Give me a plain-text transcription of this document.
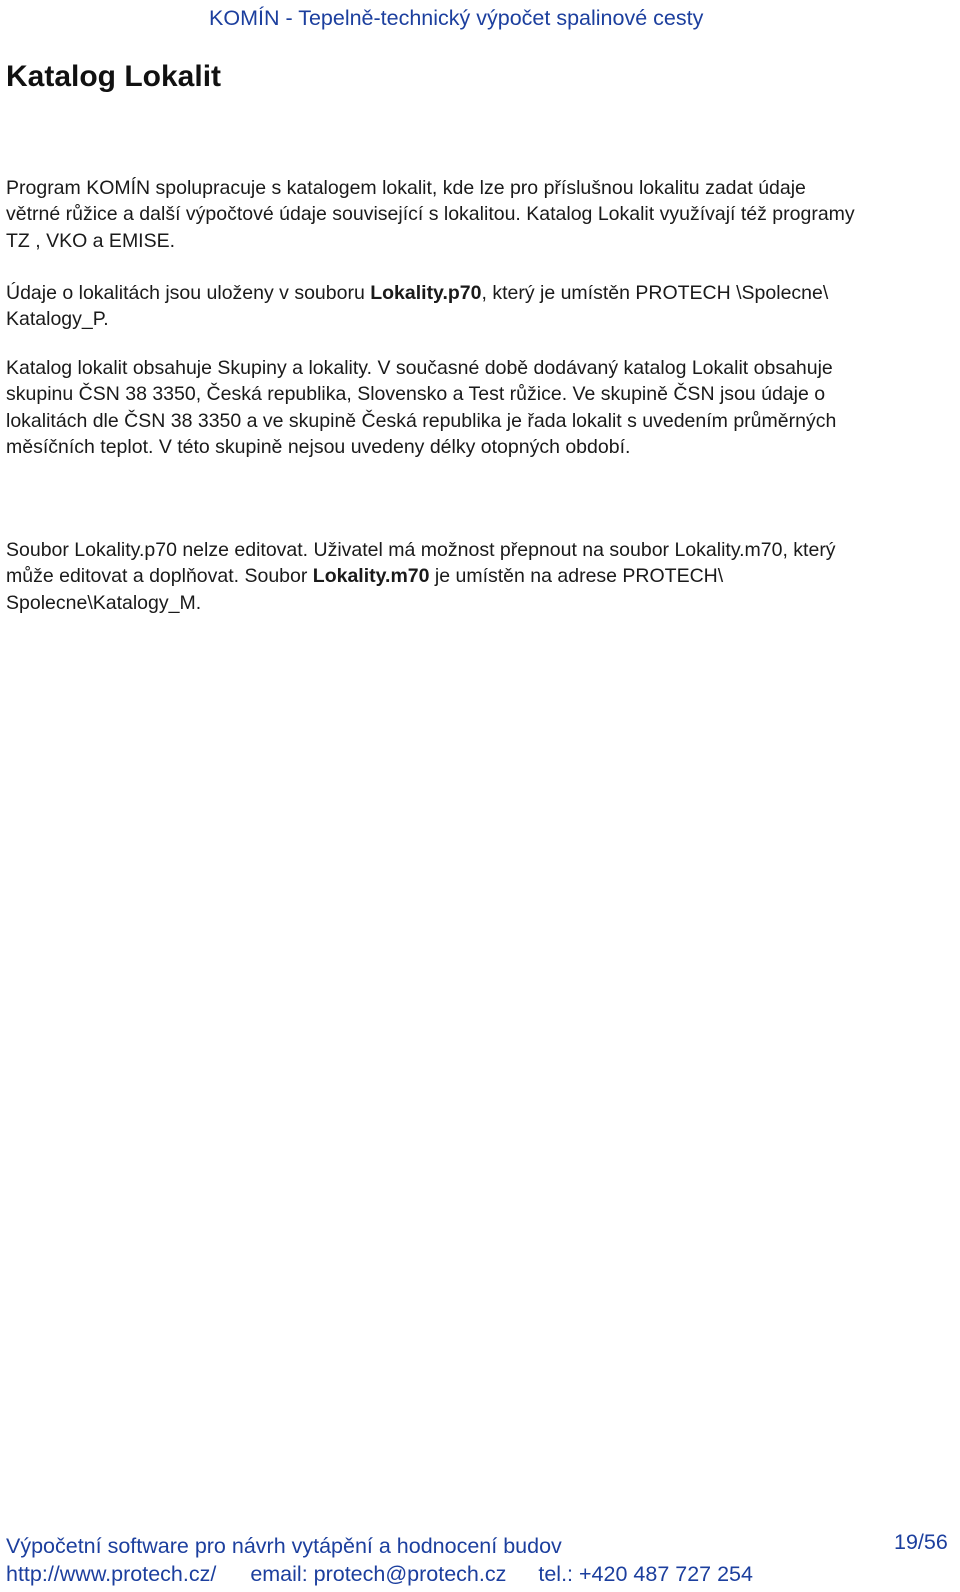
KOMÍN - Tepelně-technický výpočet spalinové cesty
Katalog Lokalit

Program KOMÍN spolupracuje s katalogem lokalit, kde lze pro příslušnou lokalitu zadat údaje
větrné růžice a další výpočtové údaje související s lokalitou. Katalog Lokalit využívají též programy
TZ , VKO a EMISE.

Údaje o lokalitách jsou uloženy v souboru Lokality.p70, který je umístěn PROTECH \Spolecne\
Katalogy_P.

Katalog lokalit obsahuje Skupiny a lokality. V současné době dodávaný katalog Lokalit obsahuje
skupinu ČSN 38 3350, Česká republika, Slovensko a Test růžice. Ve skupině ČSN jsou údaje o
lokalitách dle ČSN 38 3350 a ve skupině Česká republika je řada lokalit s uvedením průměrných
měsíčních teplot. V této skupině nejsou uvedeny délky otopných období.

Soubor Lokality.p70 nelze editovat. Uživatel má možnost přepnout na soubor Lokality.m70, který
může editovat a doplňovat. Soubor Lokality.m70 je umístěn na adrese PROTECH\
Spolecne\Katalogy_M.

Výpočetní software pro návrh vytápění a hodnocení budov	19/56
http://www.protech.cz/ email: protech@protech.cz tel.: +420 487 727 254
